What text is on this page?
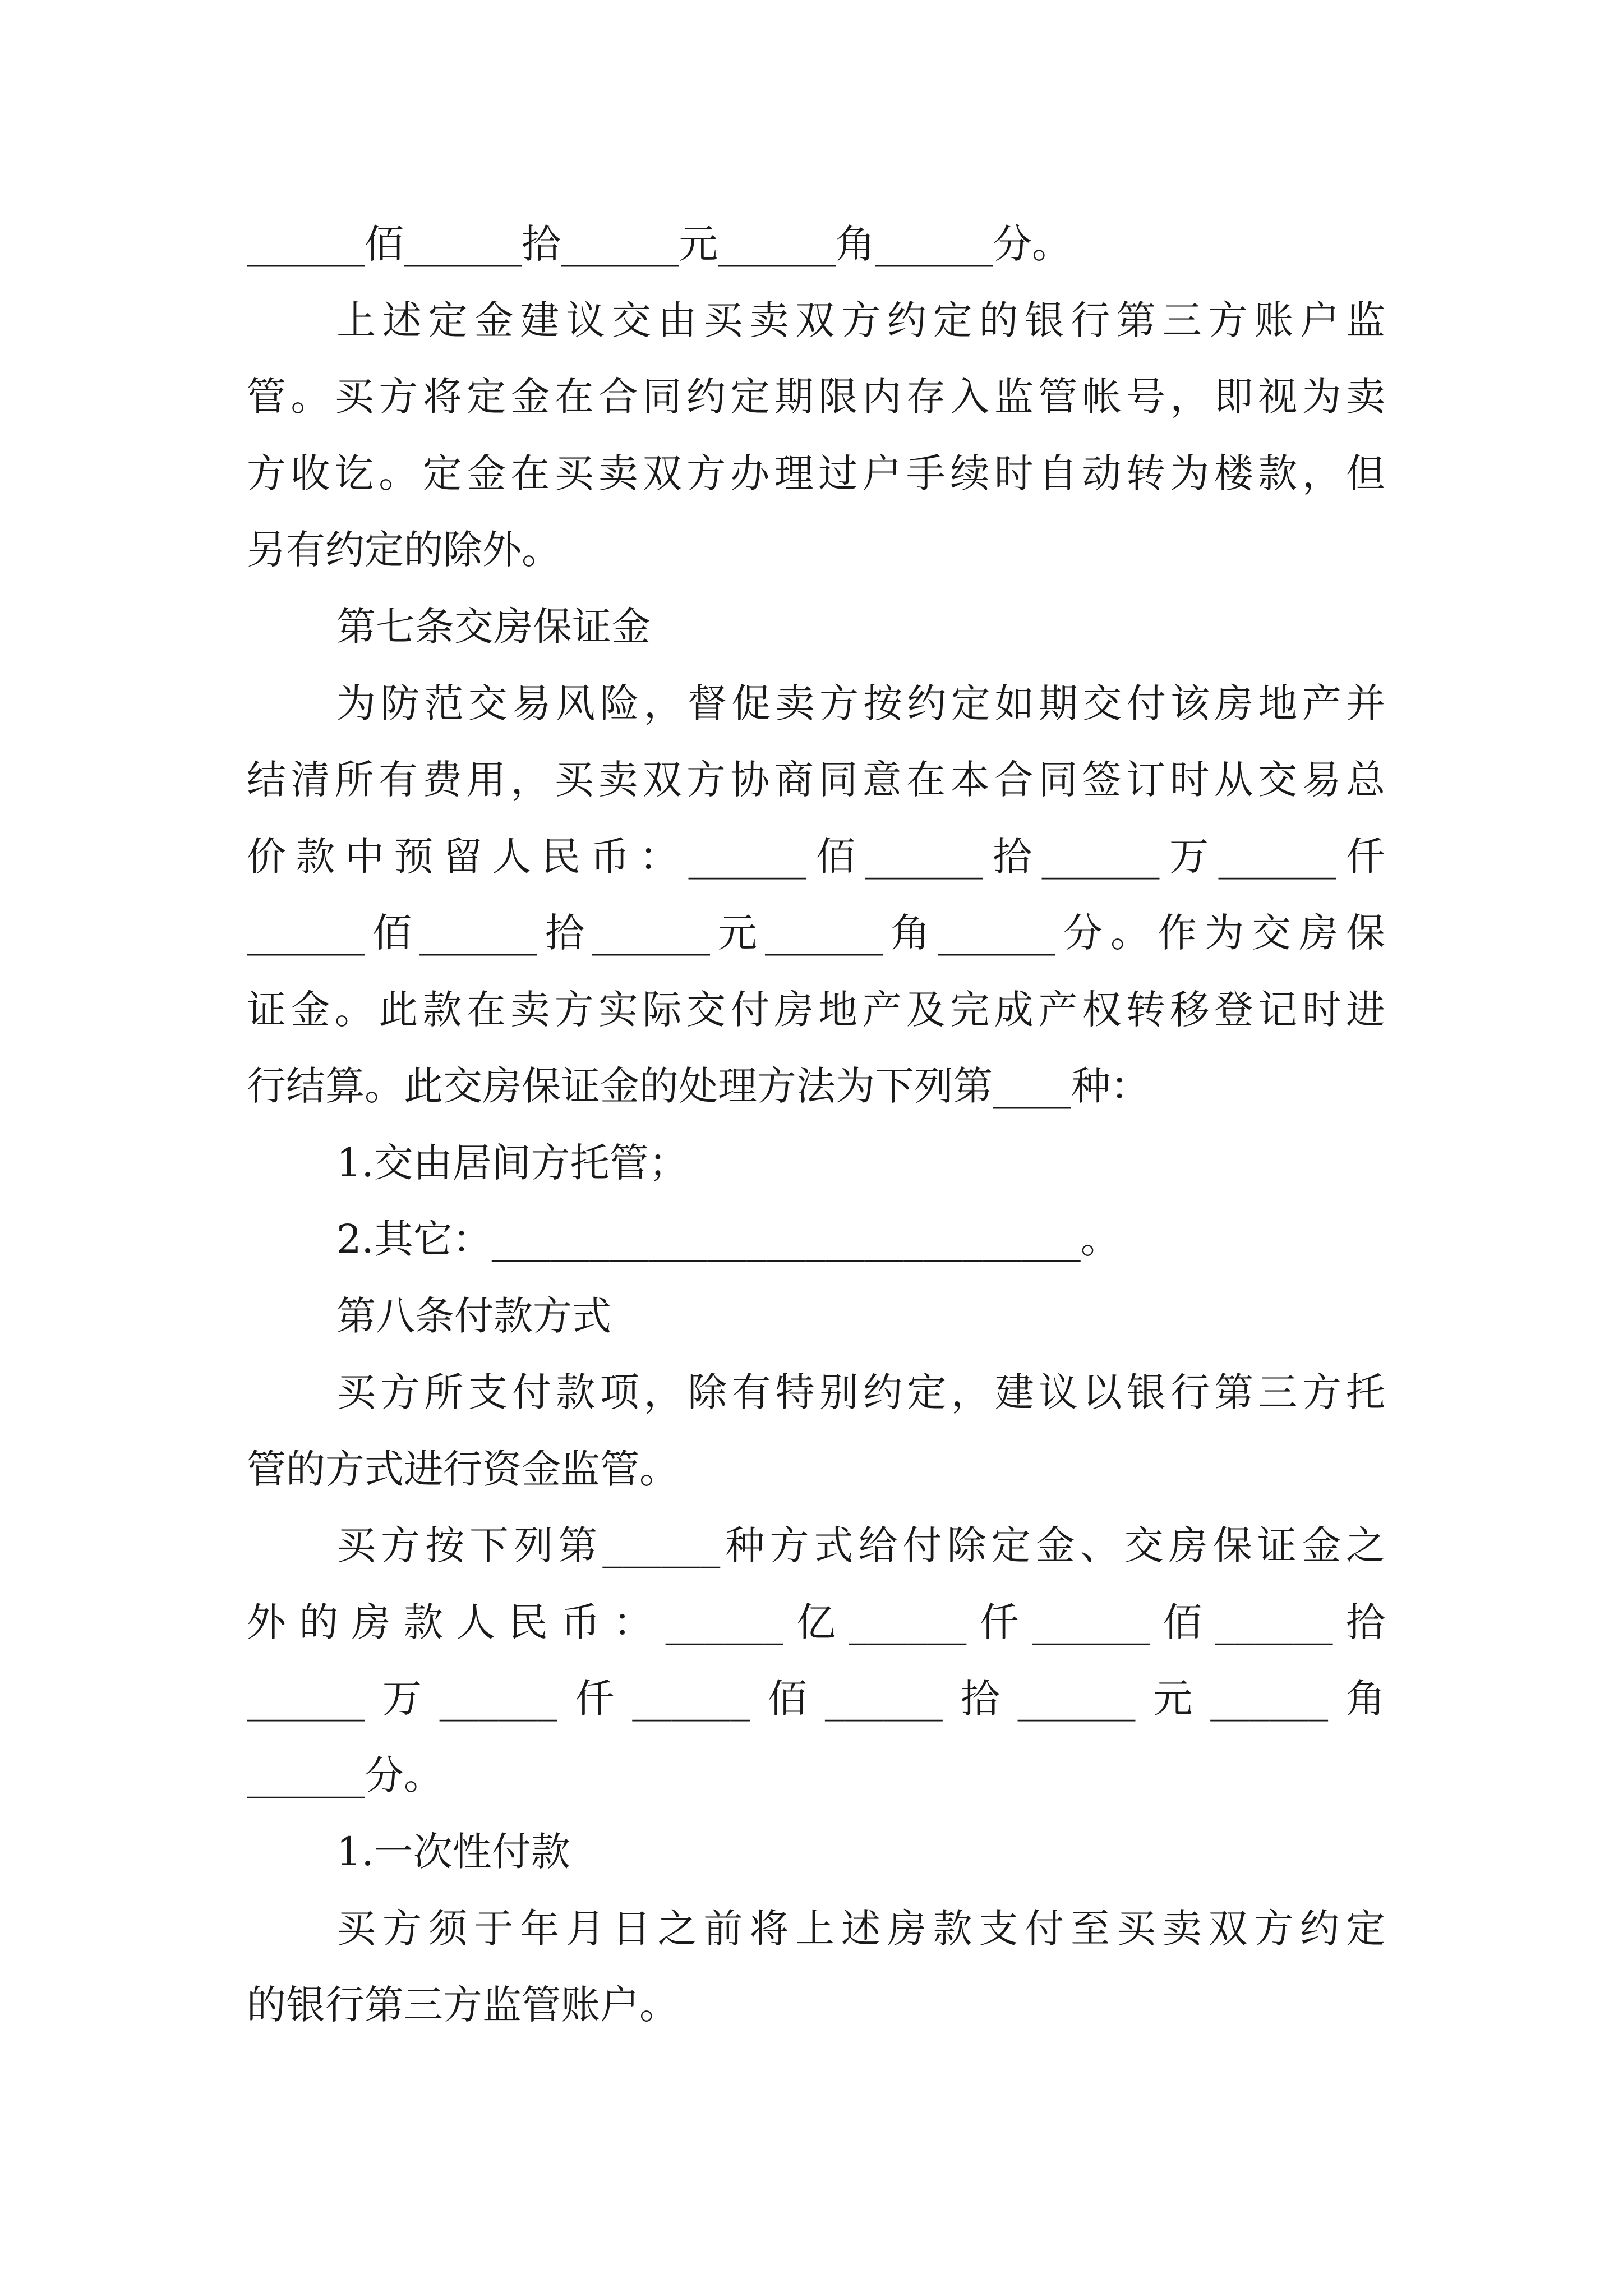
______佰______拾______元______角______分。
上述定金建议交由买卖双方约定的银行第三方账户监
管。买方将定金在合同约定期限内存入监管帐号，即视为卖
方收讫。定金在买卖双方办理过户手续时自动转为楼款，但
另有约定的除外。
第七条交房保证金
为防范交易风险，督促卖方按约定如期交付该房地产并
结清所有费用，买卖双方协商同意在本合同签订时从交易总
价款中预留人民币：______佰______拾______万______仟
______佰______拾______元______角______分。作为交房保
证金。此款在卖方实际交付房地产及完成产权转移登记时进
行结算。此交房保证金的处理方法为下列第____种：
1.交由居间方托管；
2.其它：______________________________。
第八条付款方式
买方所支付款项，除有特别约定，建议以银行第三方托
管的方式进行资金监管。
买方按下列第______种方式给付除定金、交房保证金之
外的房款人民币：______亿______仟______佰______拾
______万______仟______佰______拾______元______角
______分。
1.一次性付款
买方须于年月日之前将上述房款支付至买卖双方约定
的银行第三方监管账户。
